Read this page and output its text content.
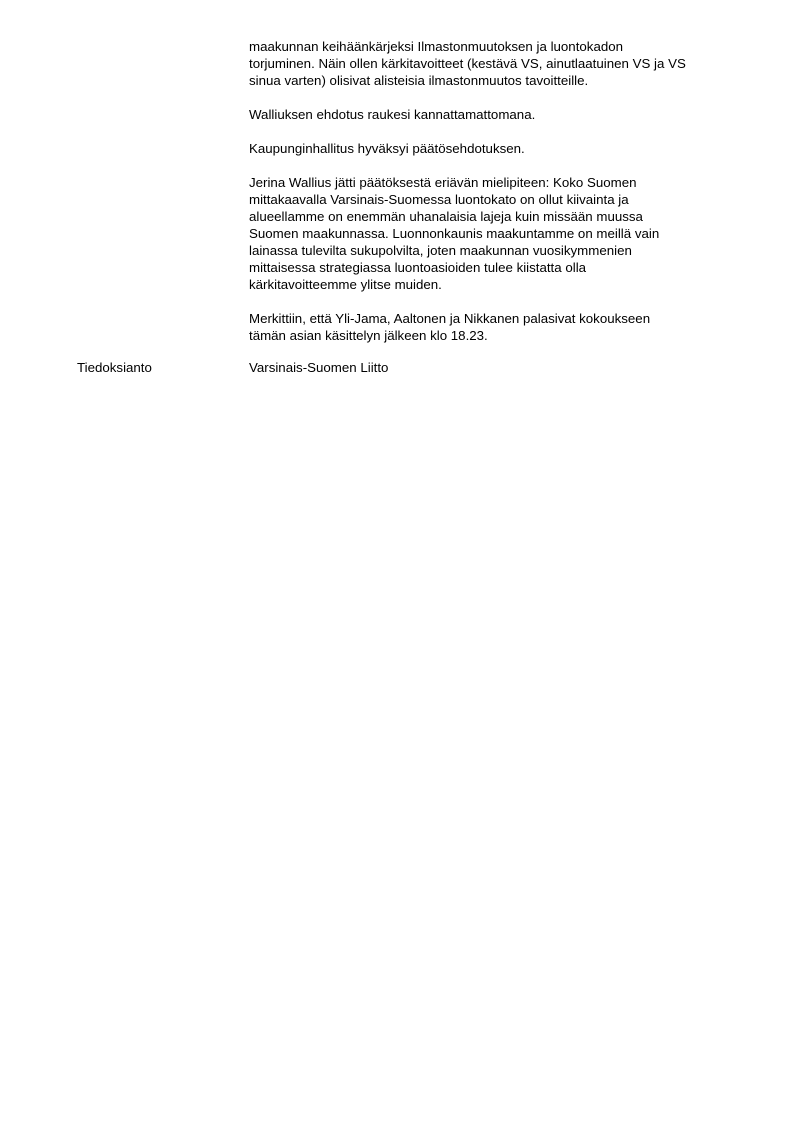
maakunnan keihäänkärjeksi Ilmastonmuutoksen ja luontokadon
torjuminen. Näin ollen kärkitavoitteet (kestävä VS, ainutlaatuinen VS ja VS
sinua varten) olisivat alisteisia ilmastonmuutos tavoitteille.

Walliuksen ehdotus raukesi kannattamattomana.

Kaupunginhallitus hyväksyi päätösehdotuksen.

Jerina Wallius jätti päätöksestä eriävän mielipiteen: Koko Suomen
mittakaavalla Varsinais-Suomessa luontokato on ollut kiivainta ja
alueellamme on enemmän uhanalaisia lajeja kuin missään muussa
Suomen maakunnassa. Luonnonkaunis maakuntamme on meillä vain
lainassa tulevilta sukupolvilta, joten maakunnan vuosikymmenien
mittaisessa strategiassa luontoasioiden tulee kiistatta olla
kärkitavoitteemme ylitse muiden.

Merkittiin, että Yli-Jama, Aaltonen ja Nikkanen palasivat kokoukseen
tämän asian käsittelyn jälkeen klo 18.23.

Tiedoksianto	Varsinais-Suomen Liitto
